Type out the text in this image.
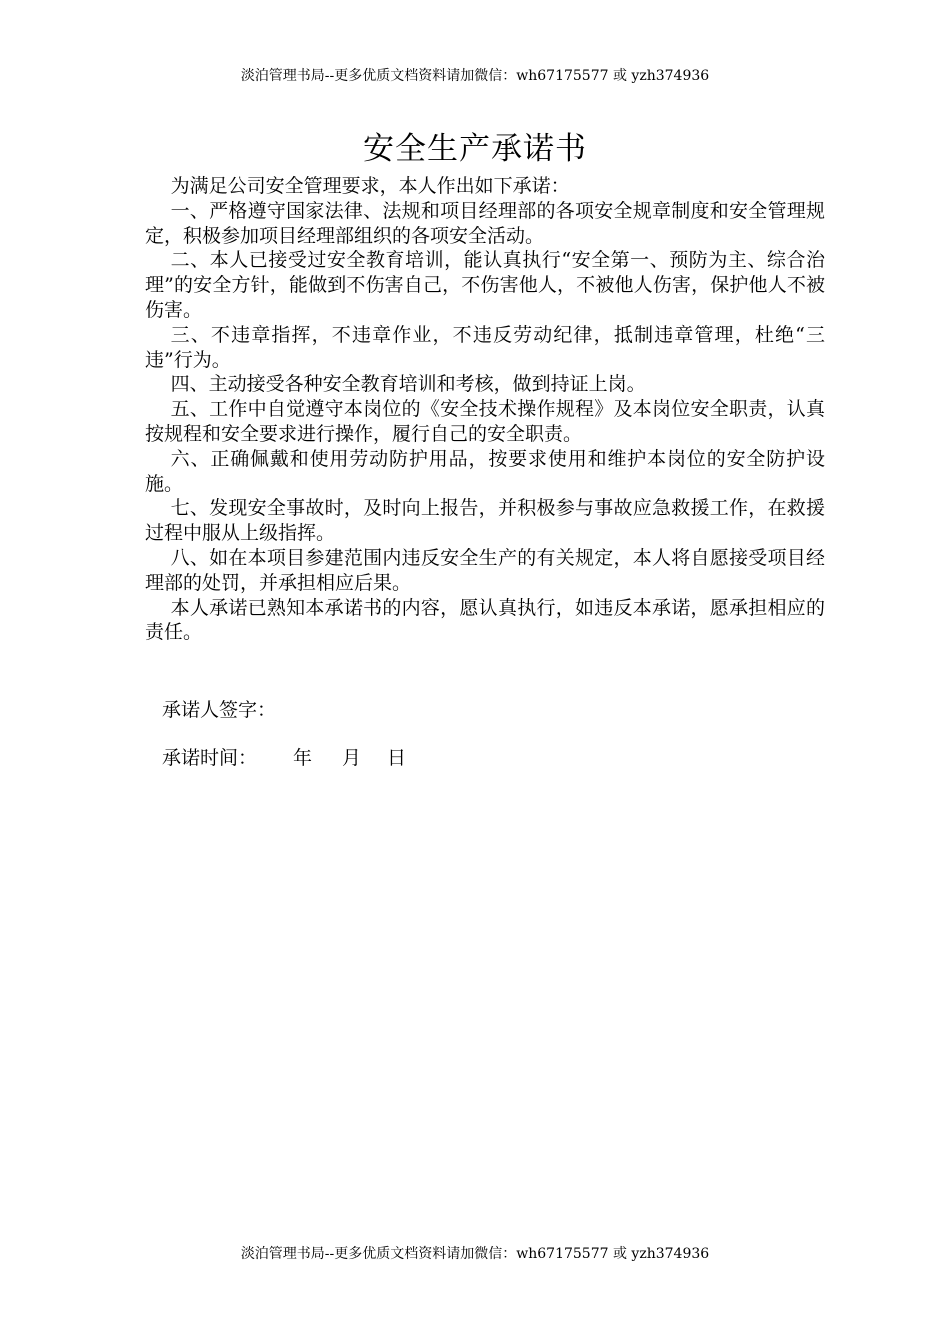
淡泊管理书局--更多优质文档资料请加微信：wh67175577 或 yzh374936
安全生产承诺书

为满足公司安全管理要求，本人作出如下承诺：

一、严格遵守国家法律、法规和项目经理部的各项安全规章制度和安全管理规定，积极参加项目经理部组织的各项安全活动。

二、本人已接受过安全教育培训，能认真执行“安全第一、预防为主、综合治理”的安全方针，能做到不伤害自己，不伤害他人，不被他人伤害，保护他人不被伤害。

三、不违章指挥，不违章作业，不违反劳动纪律，抵制违章管理，杜绝“三违”行为。

四、主动接受各种安全教育培训和考核，做到持证上岗。

五、工作中自觉遵守本岗位的《安全技术操作规程》及本岗位安全职责，认真按规程和安全要求进行操作，履行自己的安全职责。

六、正确佩戴和使用劳动防护用品，按要求使用和维护本岗位的安全防护设施。

七、发现安全事故时，及时向上报告，并积极参与事故应急救援工作，在救援过程中服从上级指挥。

八、如在本项目参建范围内违反安全生产的有关规定，本人将自愿接受项目经理部的处罚，并承担相应后果。

本人承诺已熟知本承诺书的内容，愿认真执行，如违反本承诺，愿承担相应的责任。

承诺人签字：
承诺时间： 年 月 日
淡泊管理书局--更多优质文档资料请加微信：wh67175577 或 yzh374936
